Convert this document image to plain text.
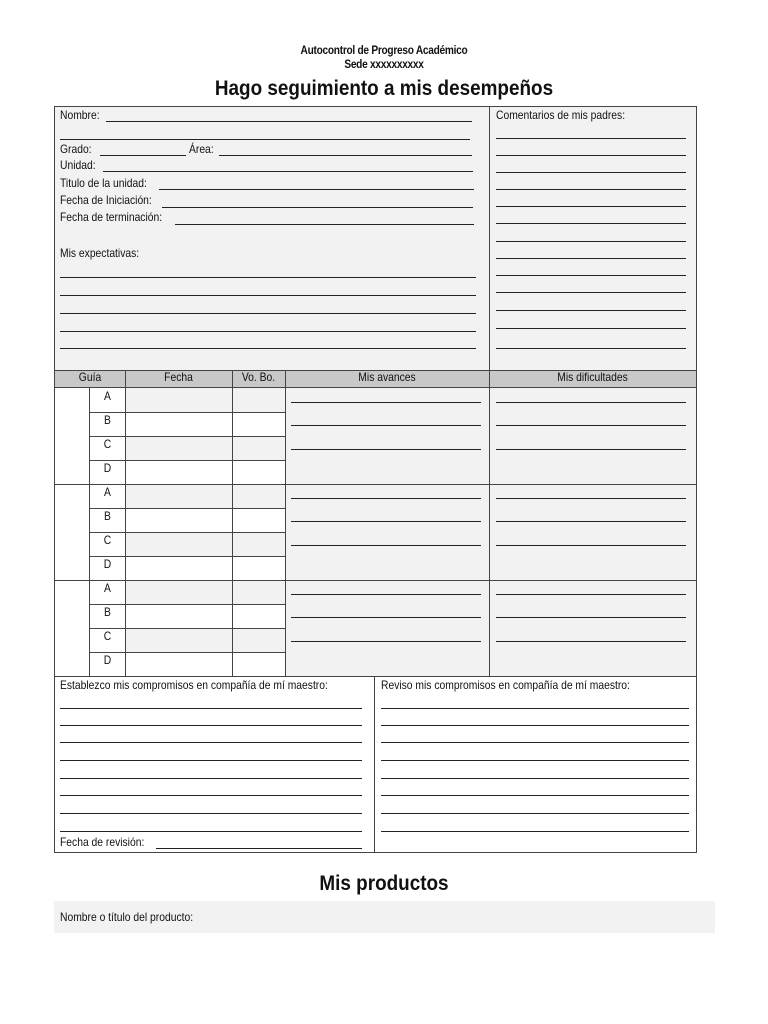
Autocontrol de Progreso Académico
Sede xxxxxxxxxx
Hago seguimiento a mis desempeños
Nombre:
Grado:	Área:
Unidad:
Titulo de la unidad:
Fecha de Iniciación:
Fecha de terminación:
Mis expectativas:
Comentarios de mis padres:
Guía	Fecha	Vo. Bo.	Mis avances	Mis dificultades
A
B
C
D
A
B
C
D
A
B
C
D
Establezco mis compromisos en compañía de mí maestro:
Fecha de revisión:
Reviso mis compromisos en compañía de mí maestro:
Mis productos
Nombre o título del producto:
